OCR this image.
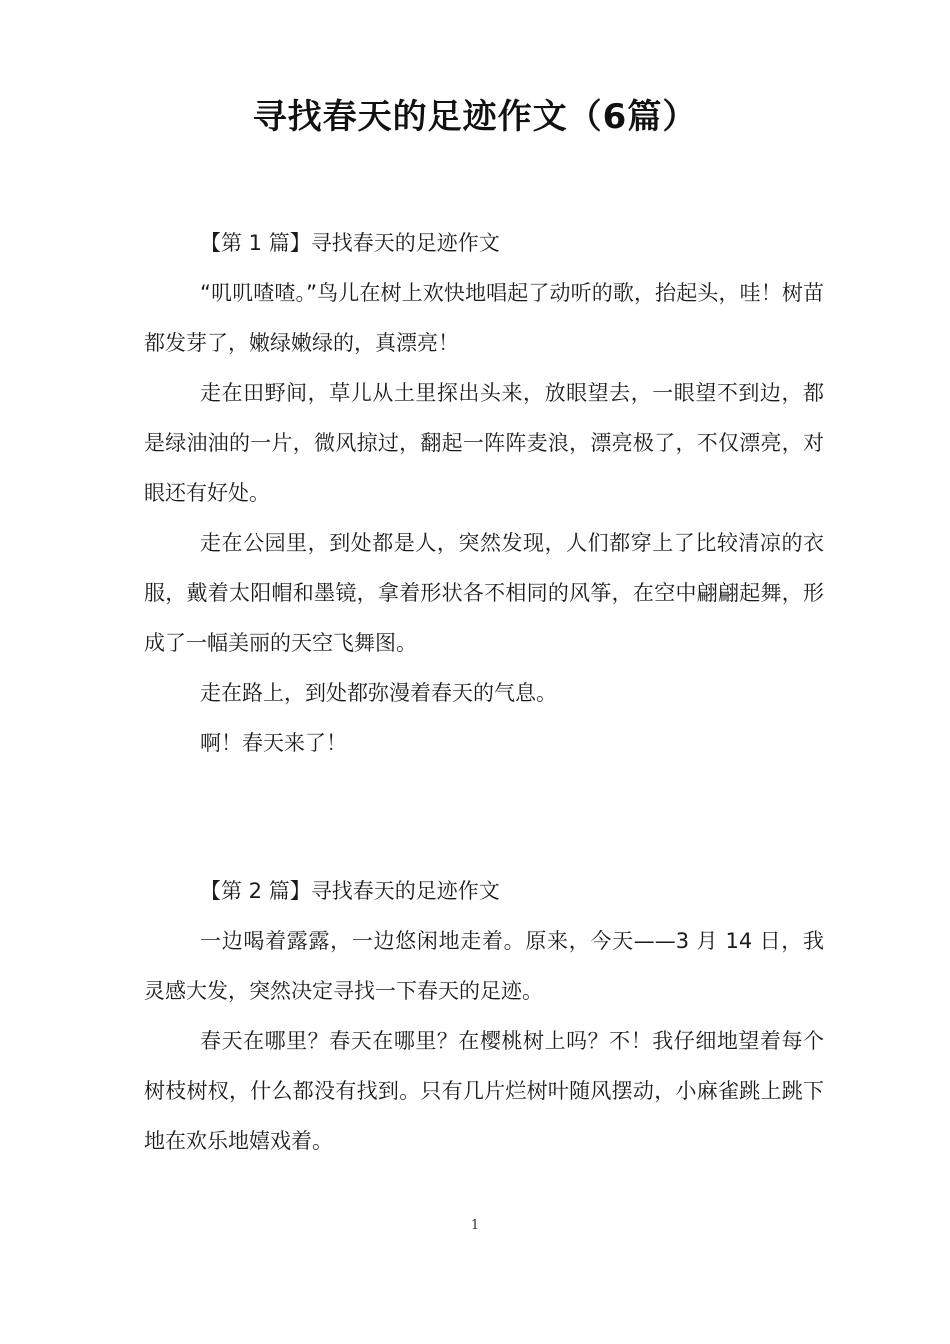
寻找春天的足迹作文（6篇）

【第 1 篇】寻找春天的足迹作文

“叽叽喳喳。”鸟儿在树上欢快地唱起了动听的歌，抬起头，哇！树苗都发芽了，嫩绿嫩绿的，真漂亮！

走在田野间，草儿从土里探出头来，放眼望去，一眼望不到边，都是绿油油的一片，微风掠过，翻起一阵阵麦浪，漂亮极了，不仅漂亮，对眼还有好处。

走在公园里，到处都是人，突然发现，人们都穿上了比较清凉的衣服，戴着太阳帽和墨镜，拿着形状各不相同的风筝，在空中翩翩起舞，形成了一幅美丽的天空飞舞图。

走在路上，到处都弥漫着春天的气息。

啊！春天来了！

【第 2 篇】寻找春天的足迹作文

一边喝着露露，一边悠闲地走着。原来，今天——3 月 14 日，我灵感大发，突然决定寻找一下春天的足迹。

春天在哪里？春天在哪里？在樱桃树上吗？不！我仔细地望着每个树枝树杈，什么都没有找到。只有几片烂树叶随风摆动，小麻雀跳上跳下地在欢乐地嬉戏着。

1
